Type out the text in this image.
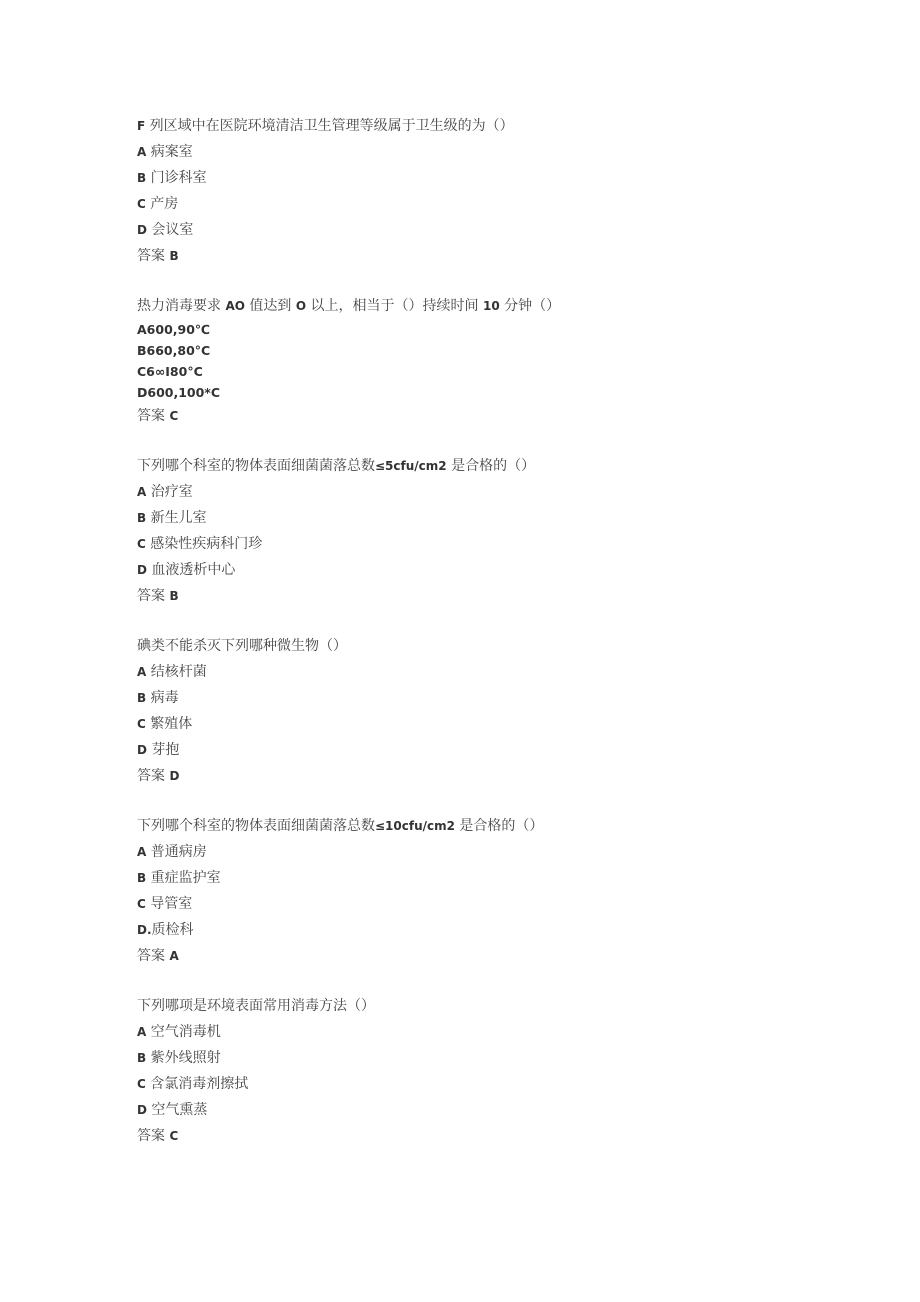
F 列区域中在医院环境清洁卫生管理等级属于卫生级的为（）
A 病案室
B 门诊科室
C 产房
D 会议室
答案 B
热力消毒要求 AO 值达到 O 以上，相当于（）持续时间 10 分钟（）
A600,90℃
B660,80°C
C6∞I80°C
D600,100*C
答案 C
下列哪个科室的物体表面细菌菌落总数≤5cfu/cm2 是合格的（）
A 治疗室
B 新生儿室
C 感染性疾病科门珍
D 血液透析中心
答案 B
碘类不能杀灭下列哪种微生物（）
A 结核杆菌
B 病毒
C 繁殖体
D 芽抱
答案 D
下列哪个科室的物体表面细菌菌落总数≤10cfu/cm2 是合格的（）
A 普通病房
B 重症监护室
C 导管室
D.质检科
答案 A
下列哪项是环境表面常用消毒方法（）
A 空气消毒机
B 紫外线照射
C 含氯消毒剂擦拭
D 空气熏蒸
答案 C
